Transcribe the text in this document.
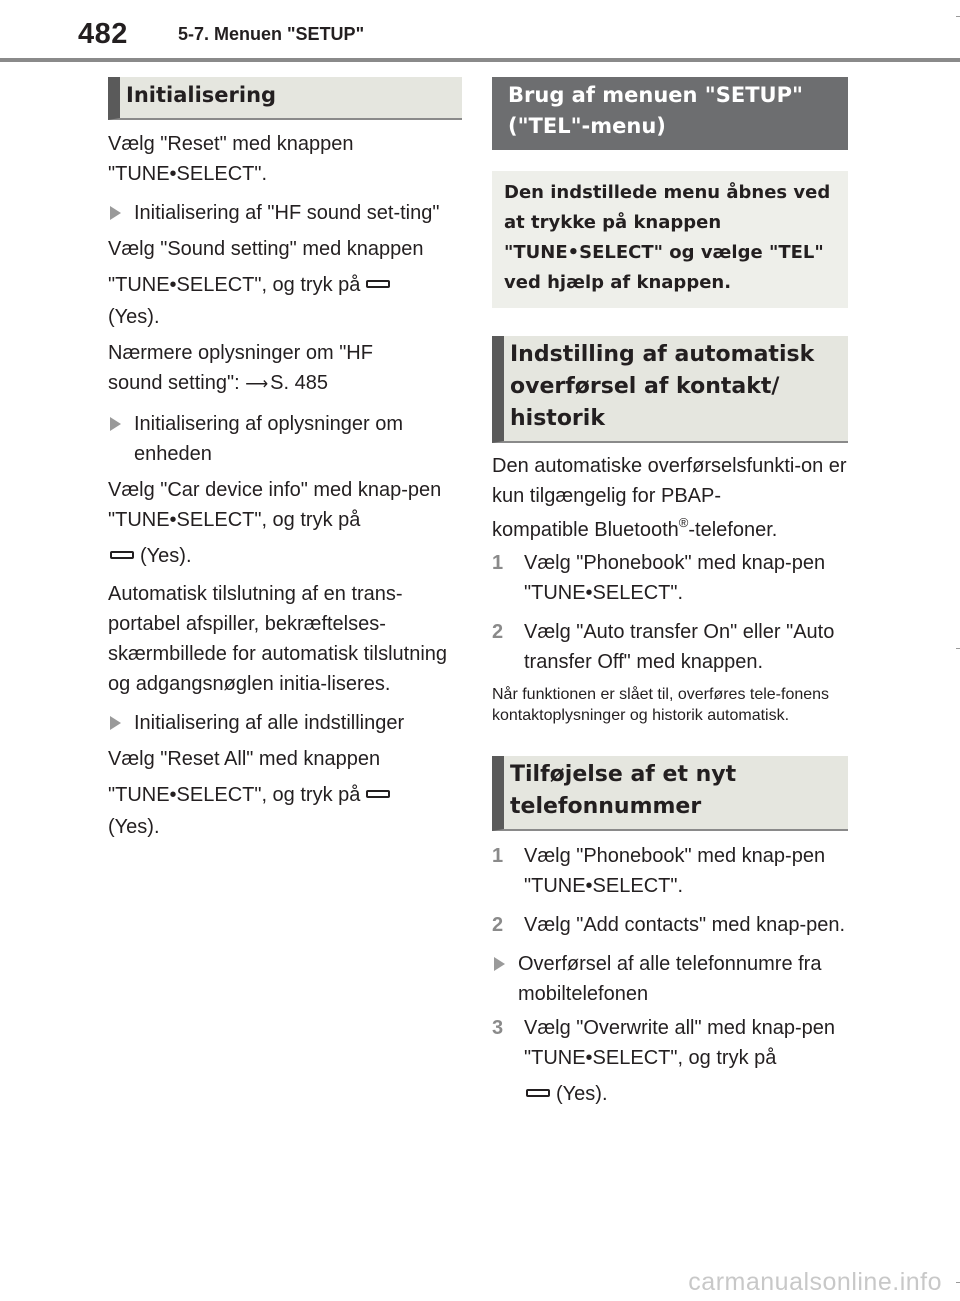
482	5-7. Menuen "SETUP"
Initialisering
Vælg "Reset" med knappen
"TUNE•SELECT".
Initialisering af "HF sound set-ting"
Vælg "Sound setting" med knappen
"TUNE•SELECT", og tryk på
(Yes).
Nærmere oplysninger om "HF
sound setting": ⟶ S. 485
Initialisering af oplysninger om enheden
Vælg "Car device info" med knap-pen "TUNE•SELECT", og tryk på
(Yes).
Automatisk tilslutning af en trans-portabel afspiller, bekræftelses-skærmbillede for automatisk tilslutning og adgangsnøglen initia-liseres.
Initialisering af alle indstillinger
Vælg "Reset All" med knappen
"TUNE•SELECT", og tryk på
(Yes).
Brug af menuen "SETUP" ("TEL"-menu)
Den indstillede menu åbnes ved at trykke på knappen "TUNE•SELECT" og vælge "TEL" ved hjælp af knappen.
Indstilling af automatisk overførsel af kontakt/ historik
Den automatiske overførselsfunkti-on er kun tilgængelig for PBAP-
kompatible Bluetooth®-telefoner.
1 Vælg "Phonebook" med knap-pen "TUNE•SELECT".
2 Vælg "Auto transfer On" eller "Auto transfer Off" med knappen.
Når funktionen er slået til, overføres tele-fonens kontaktoplysninger og historik automatisk.
Tilføjelse af et nyt telefonnummer
1 Vælg "Phonebook" med knap-pen "TUNE•SELECT".
2 Vælg "Add contacts" med knap-pen.
Overførsel af alle telefonnumre fra mobiltelefonen
3 Vælg "Overwrite all" med knap-pen "TUNE•SELECT", og tryk på
(Yes).
carmanualsonline.info
